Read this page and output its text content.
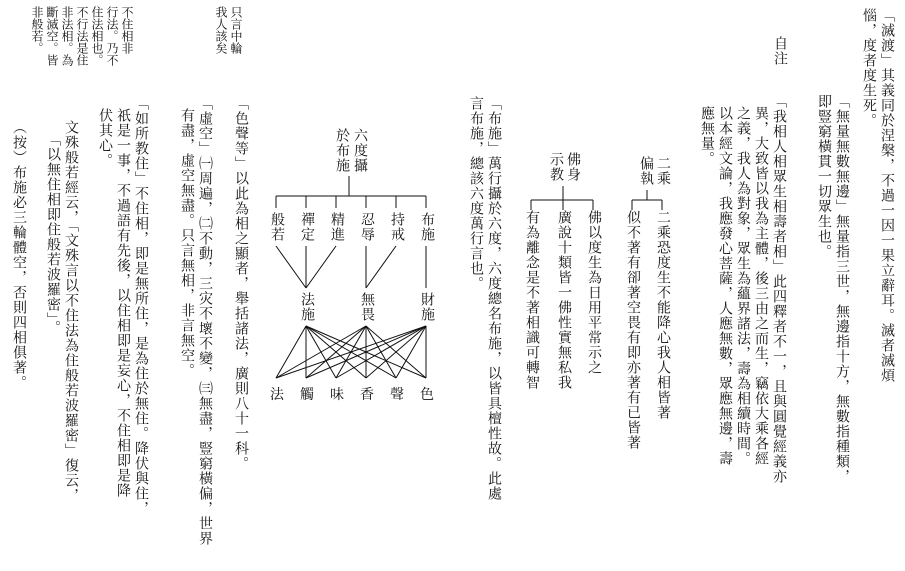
「滅渡」其義同於涅槃，不過一因一果立辭耳。滅者滅煩
惱，度者度生死。
自注
「無量無數無邊」無量指三世，無邊指十方，無數指種類，
即豎窮橫貫一切眾生也。
「我相人相眾生相壽者相」此四釋者不一，且與圓覺經義亦
異，大致皆以我為主體，後三由之而生，竊依大乘各經
之義，我人為對象，眾生為蘊界諸法，壽為相續時間。
以本經文論，我應發心菩薩，人應無數，眾應無邊，壽
應無量。
二乘
偏執
二乘恐度生不能降心我人相皆著
似不著有卻著空畏有即亦著有已皆著
佛身
示教
佛以度生為日用平常示之
廣說十類皆一佛性實無私我
有為離念是不著相識可轉智
「布施」萬行攝於六度，六度總名布施，以皆具檀性故。此處
言布施，總該六度萬行言也。
六度攝
於布施
布施
持戒
忍辱
精進
禪定
般若
財施
無畏
法施
色
聲
香
味
觸
法
「色聲等」以此為相之顯者，舉括諸法，廣則八十一科。
「虛空」㈠周遍，㈡不動，三灾不壞不變，㈢無盡，豎窮橫偏，世界
有盡，虛空無盡。只言無相，非言無空。
「如所教住」不住相，即是無所住，是為住於無住。降伏與住，
祇是一事，不過語有先後，以住相即是妄心，不住相即是降
伏其心。
文殊般若經云，「文殊言以不住法為住般若波羅密」復云，
「以無住相即住般若波羅密」。
（按）布施必三輪體空，否則四相俱著。
只言中輪
我人該矣
不住相非
行法。乃不
住法相也。
不行法是住
非法相。為
斷滅空。皆
非般若。
